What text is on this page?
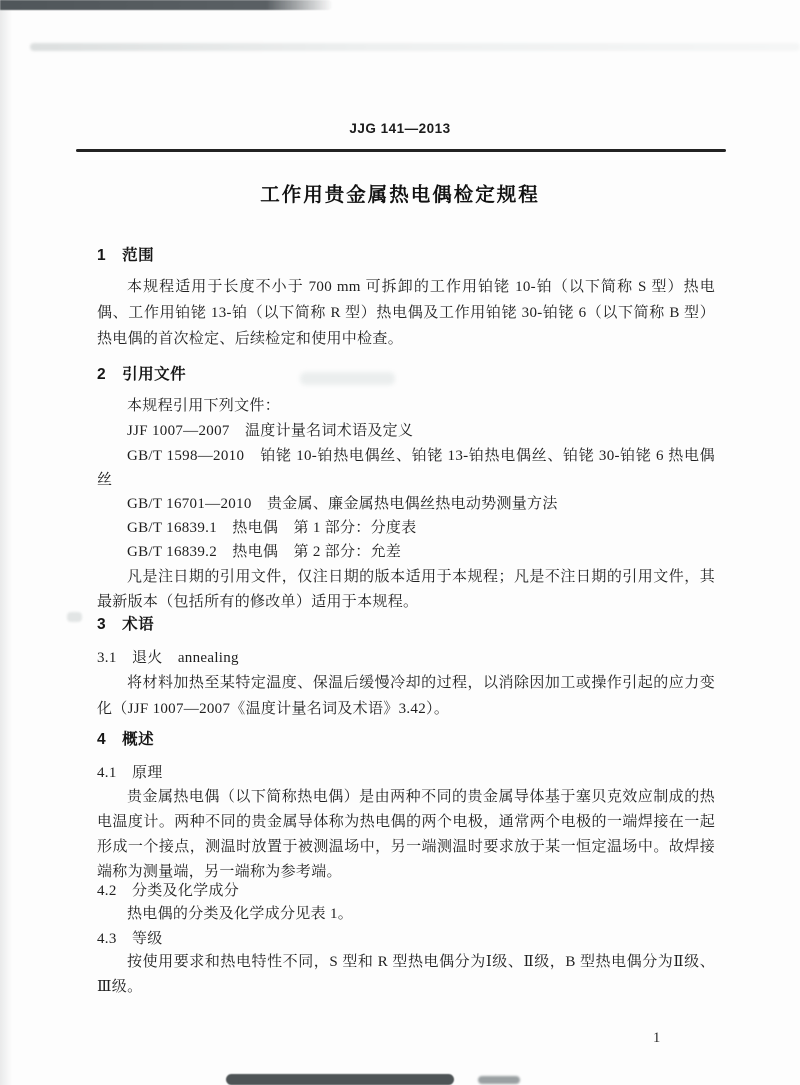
JJG 141—2013
工作用贵金属热电偶检定规程
1　范围
本规程适用于长度不小于 700 mm 可拆卸的工作用铂铑 10-铂（以下简称 S 型）热电偶、工作用铂铑 13-铂（以下简称 R 型）热电偶及工作用铂铑 30-铂铑 6（以下简称 B 型）热电偶的首次检定、后续检定和使用中检查。
2　引用文件
本规程引用下列文件：
JJF 1007—2007　温度计量名词术语及定义
GB/T 1598—2010　铂铑 10-铂热电偶丝、铂铑 13-铂热电偶丝、铂铑 30-铂铑 6 热电偶丝
GB/T 16701—2010　贵金属、廉金属热电偶丝热电动势测量方法
GB/T 16839.1　热电偶　第 1 部分：分度表
GB/T 16839.2　热电偶　第 2 部分：允差
凡是注日期的引用文件，仅注日期的版本适用于本规程；凡是不注日期的引用文件，其最新版本（包括所有的修改单）适用于本规程。
3　术语
3.1　退火　annealing
将材料加热至某特定温度、保温后缓慢冷却的过程，以消除因加工或操作引起的应力变化（JJF 1007—2007《温度计量名词及术语》3.42）。
4　概述
4.1　原理
贵金属热电偶（以下简称热电偶）是由两种不同的贵金属导体基于塞贝克效应制成的热电温度计。两种不同的贵金属导体称为热电偶的两个电极，通常两个电极的一端焊接在一起形成一个接点，测温时放置于被测温场中，另一端测温时要求放于某一恒定温场中。故焊接端称为测量端，另一端称为参考端。
4.2　分类及化学成分
热电偶的分类及化学成分见表 1。
4.3　等级
按使用要求和热电特性不同，S 型和 R 型热电偶分为Ⅰ级、Ⅱ级，B 型热电偶分为Ⅱ级、Ⅲ级。
1
